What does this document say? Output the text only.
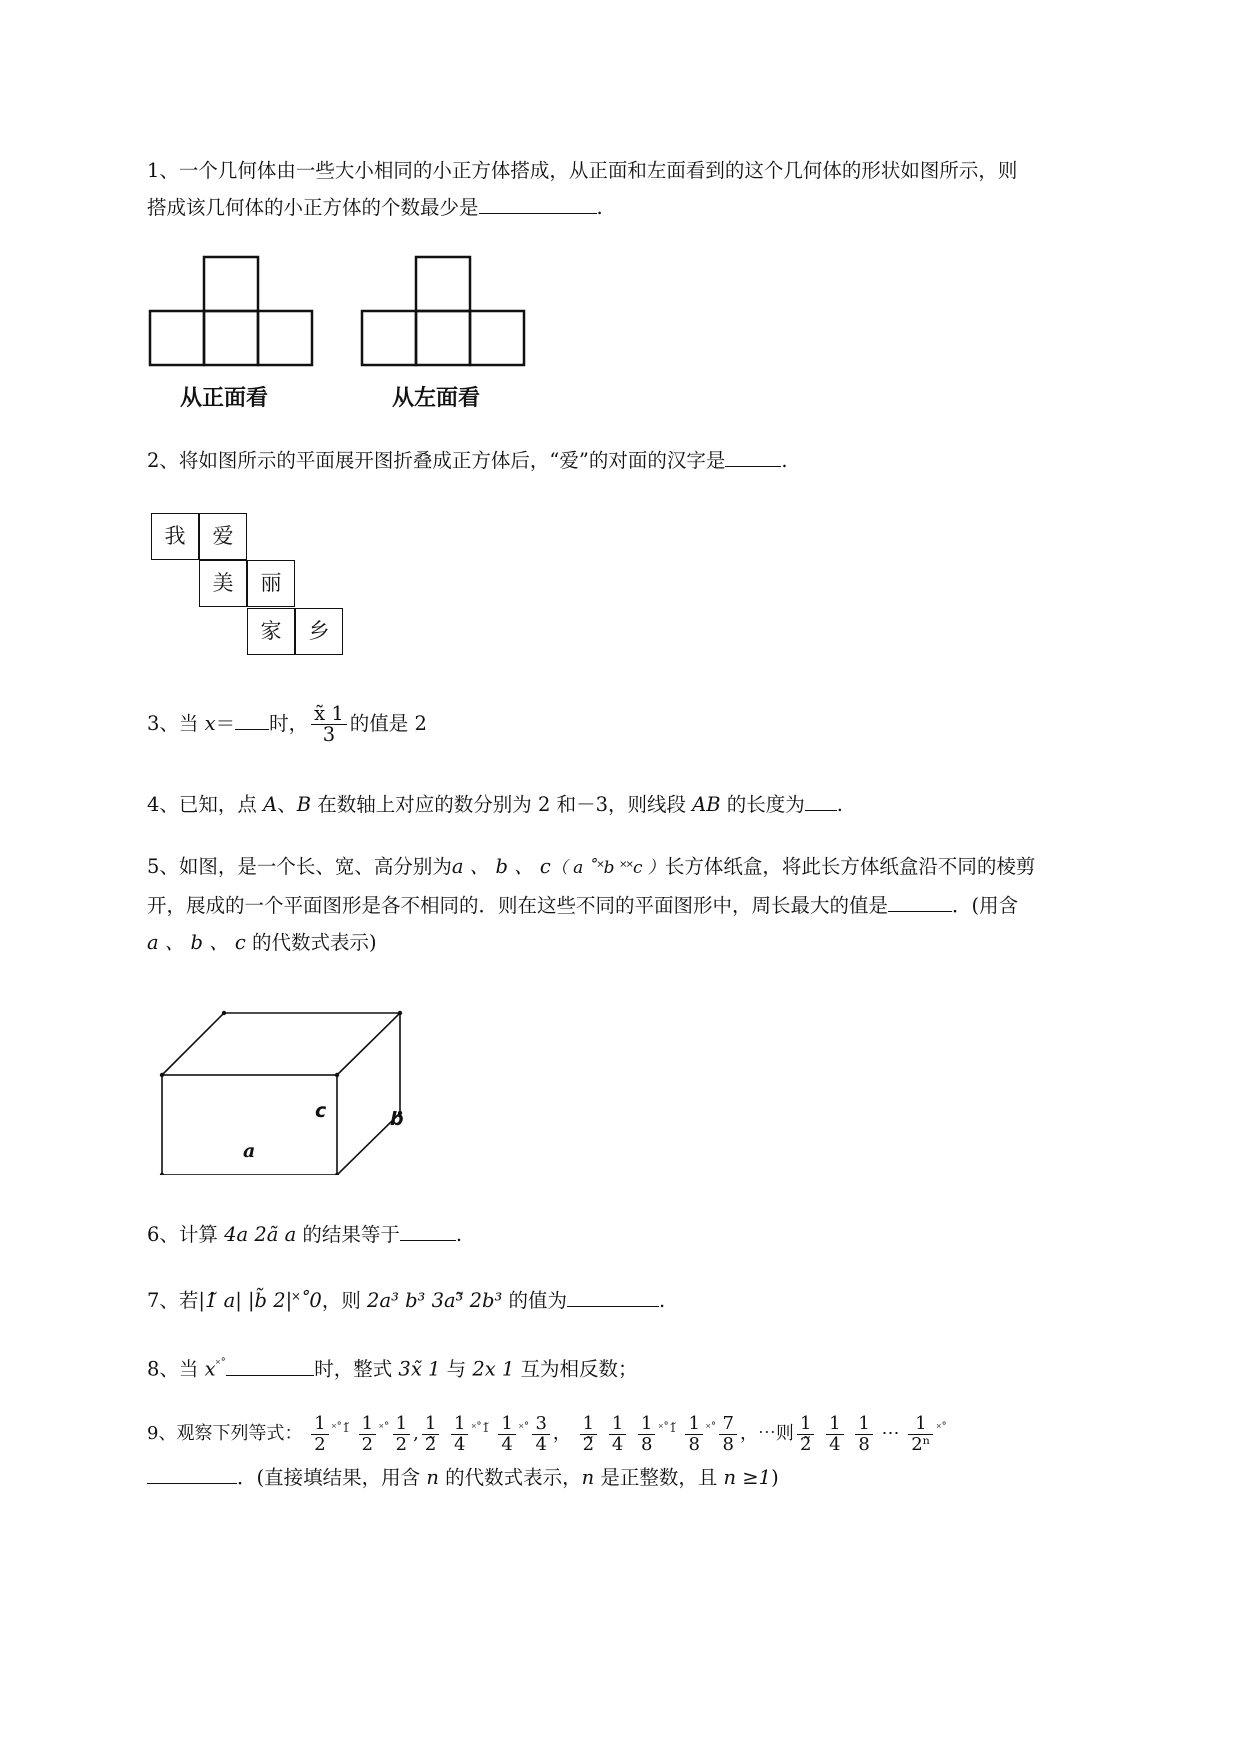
1、一个几何体由一些大小相同的小正方体搭成，从正面和左面看到的这个几何体的形状如图所示，则
搭成该几何体的小正方体的个数最少是	.
从正面看	从左面看
2、将如图所示的平面展开图折叠成正方体后，“爱”的对面的汉字是	.
我	爱
美	丽
家	乡
3、当 x＝ 时， $\frac{x̃ 1}{3}$ 的值是 2
4、已知，点 A、B 在数轴上对应的数分别为 2 和－3，则线段 AB 的长度为 .
5、如图，是一个长、宽、高分别为a 、 b 、 c（ a ˚˟b ˟˟c ）长方体纸盒，将此长方体纸盒沿不同的棱剪
开，展成的一个平面图形是各不相同的．则在这些不同的平面图形中，周长最大的值是	．(用含
a 、 b 、 c 的代数式表示)
c	b
a
6、计算 4a 2ã a 的结果等于	.
7、若|1̃ a| |b̃ 2|˟˚0，则 2a³ b³ 3a³̃ 2b³ 的值为	.
8、当 x˟˚	时，整式 3x̃ 1 与 2x 1 互为相反数；
9、观察下列等式： $\frac{1}{2} ^{˟˚1̃} \frac{1}{2} ^{˟˚} \frac{1}{2}$ , $\frac{1}{2̃}$
$\frac{1}{4} ^{˟˚1̃} \frac{1}{4} ^{˟˚} \frac{3}{4}$ ， $\frac{1}{2̃}$
$\frac{1}{4}$
$\frac{1}{8} ^{˟˚1̃} \frac{1}{8} ^{˟˚} \frac{7}{8}$ ，⋯则 $\frac{1}{2̃}$
$\frac{1}{4}$
$\frac{1}{8}$ ⋯ $\frac{1}{\text{2ⁿ}} ^{˟˚}$
．(直接填结果，用含 n 的代数式表示，n 是正整数，且 n ≥1)
